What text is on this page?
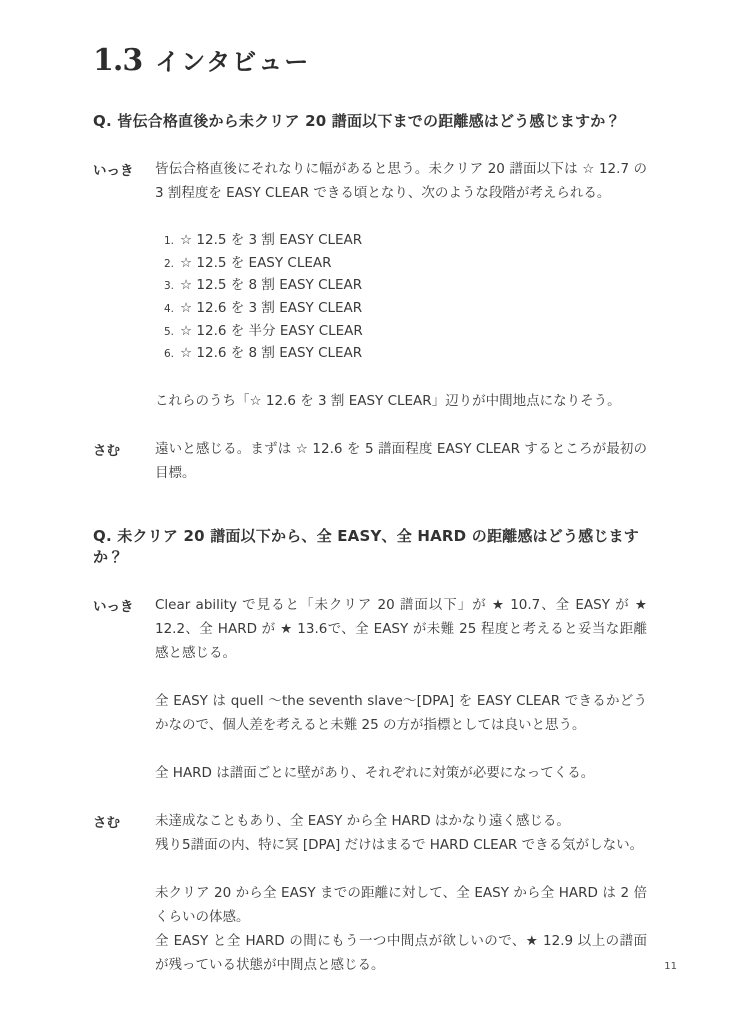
1.3 インタビュー
Q. 皆伝合格直後から未クリア 20 譜面以下までの距離感はどう感じますか？
いっき	皆伝合格直後にそれなりに幅があると思う。未クリア 20 譜面以下は ☆ 12.7 の 3 割程度を EASY CLEAR できる頃となり、次のような段階が考えられる。

1. ☆ 12.5 を 3 割 EASY CLEAR
2. ☆ 12.5 を EASY CLEAR
3. ☆ 12.5 を 8 割 EASY CLEAR
4. ☆ 12.6 を 3 割 EASY CLEAR
5. ☆ 12.6 を 半分 EASY CLEAR
6. ☆ 12.6 を 8 割 EASY CLEAR

これらのうち「☆ 12.6 を 3 割 EASY CLEAR」辺りが中間地点になりそう。

さむ	遠いと感じる。まずは ☆ 12.6 を 5 譜面程度 EASY CLEAR するところが最初の目標。

Q. 未クリア 20 譜面以下から、全 EASY、全 HARD の距離感はどう感じますか？
いっき	Clear ability で見ると「未クリア 20 譜面以下」が ★ 10.7、全 EASY が ★ 12.2、全 HARD が ★ 13.6で、全 EASY が未難 25 程度と考えると妥当な距離感と感じる。

全 EASY は quell ～the seventh slave～[DPA] を EASY CLEAR できるかどうかなので、個人差を考えると未難 25 の方が指標としては良いと思う。

全 HARD は譜面ごとに壁があり、それぞれに対策が必要になってくる。

さむ	未達成なこともあり、全 EASY から全 HARD はかなり遠く感じる。

残り5譜面の内、特に冥 [DPA] だけはまるで HARD CLEAR できる気がしない。

未クリア 20 から全 EASY までの距離に対して、全 EASY から全 HARD は 2 倍くらいの体感。

全 EASY と全 HARD の間にもう一つ中間点が欲しいので、★ 12.9 以上の譜面が残っている状態が中間点と感じる。	11
